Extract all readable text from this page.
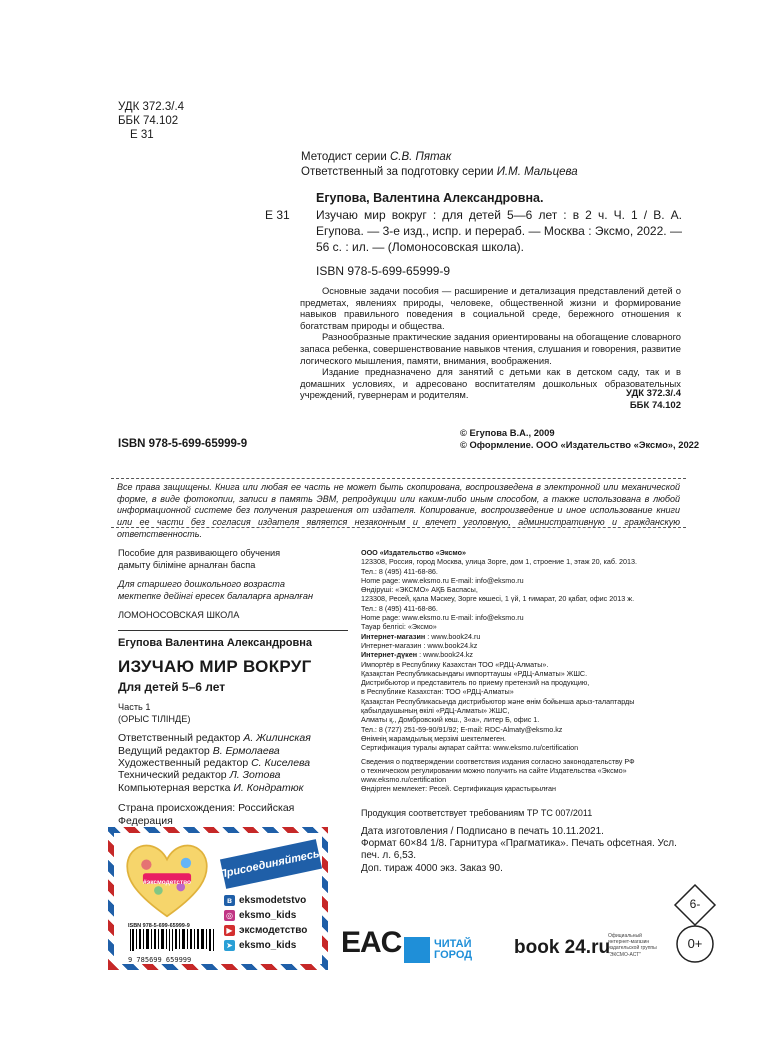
УДК 372.3/.4
ББК 74.102
Е 31
Методист серии С.В. Пятак
Ответственный за подготовку серии И.М. Мальцева
Егупова, Валентина Александровна.
Е 31 Изучаю мир вокруг : для детей 5—6 лет : в 2 ч. Ч. 1 / В. А. Егупова. — 3-е изд., испр. и перераб. — Москва : Эксмо, 2022. — 56 с. : ил. — (Ломоносовская школа).
ISBN 978-5-699-65999-9

Основные задачи пособия — расширение и детализация представлений детей о предметах, явлениях природы, человеке, общественной жизни и формирование навыков правильного поведения в социальной среде, бережного отношения к богатствам природы и общества.

Разнообразные практические задания ориентированы на обогащение словарного запаса ребенка, совершенствование навыков чтения, слушания и говорения, развитие логического мышления, памяти, внимания, воображения.

Издание предназначено для занятий с детьми как в детском саду, так и в домашних условиях, и адресовано воспитателям дошкольных образовательных учреждений, гувернерам и родителям.	УДК 372.3/.4
ББК 74.102
ISBN 978-5-699-65999-9
© Егупова В.А., 2009
© Оформление. ООО «Издательство «Эксмо», 2022
Все права защищены. Книга или любая ее часть не может быть скопирована, воспроизведена в электронной или механической форме, в виде фотокопии, записи в память ЭВМ, репродукции или каким-либо иным способом, а также использована в любой информационной системе без получения разрешения от издателя. Копирование, воспроизведение и иное использование книги или ее части без согласия издателя является незаконным и влечет уголовную, административную и гражданскую ответственность.
Пособие для развивающего обучения
дамыту біліміне арналған баспа
Для старшего дошкольного возраста
мектепке дейінгі ересек балаларға арналған
ЛОМОНОСОВСКАЯ ШКОЛА
Егупова Валентина Александровна
ИЗУЧАЮ МИР ВОКРУГ
Для детей 5–6 лет
Часть 1
(ОРЫС ТІЛІНДЕ)
Ответственный редактор А. Жилинская
Ведущий редактор В. Ермолаева
Художественный редактор С. Киселева
Технический редактор Л. Зотова
Компьютерная верстка И. Кондратюк
Страна происхождения: Российская Федерация
ООО «Издательство «Эксмо»
123308, Россия, город Москва, улица Зорге, дом 1, строение 1, этаж 20, каб. 2013.
Тел.: 8 (495) 411-68-86.
Home page: www.eksmo.ru E-mail: info@eksmo.ru
Өндіруші: «ЭКСМО» АҚБ Баспасы,
123308, Ресей, қала Мәскеу, Зорге көшесі, 1 үй, 1 ғимарат, 20 қабат, офис 2013 ж.
Тел.: 8 (495) 411-68-86.
Home page: www.eksmo.ru E-mail: info@eksmo.ru
Тауар белгісі: «Эксмо»
Интернет-магазин : www.book24.ru
Интернет-магазин : www.book24.kz
Интернет-дүкен : www.book24.kz
Импортёр в Республику Казахстан ТОО «РДЦ-Алматы».
Қазақстан Республикасындағы импорттаушы «РДЦ-Алматы» ЖШС.
Дистрибьютор и представитель по приему претензий на продукцию,
в Республике Казахстан: ТОО «РДЦ-Алматы»
Қазақстан Республикасында дистрибьютор және өнім бойынша арыз-талаптарды
қабылдаушының өкілі «РДЦ-Алматы» ЖШС,
Алматы қ., Домбровский көш., 3«а», литер Б, офис 1.
Тел.: 8 (727) 251-59-90/91/92; E-mail: RDC-Almaty@eksmo.kz
Өнімнің жарамдылық мерзімі шектелмеген.
Сертификация туралы ақпарат сайтта: www.eksmo.ru/certification
Сведения о подтверждении соответствия издания согласно законодательству РФ
о техническом регулировании можно получить на сайте Издательства «Эксмо»
www.eksmo.ru/certification
Өндірген мемлекет: Ресей. Сертификация қарастырылған
Продукция соответствует требованиям ТР ТС 007/2011
Дата изготовления / Подписано в печать 10.11.2021.
Формат 60×84 1/8. Гарнитура «Прагматика». Печать офсетная. Усл. печ. л. 6,53.
Доп. тираж 4000 экз. Заказ 90.
#эксмодетство
Присоединяйтесь!
в eksmodetstvo
◎ eksmo_kids
▶ эксмодетство
➤ eksmo_kids
ISBN 978-5-699-65999-9
9 785699 659999
EAC	ЧИТАЙ
ГОРОД book 24.ru
Официальный интернет-магазин издательской группы "ЭКСМО-АСТ"
6-
0+
